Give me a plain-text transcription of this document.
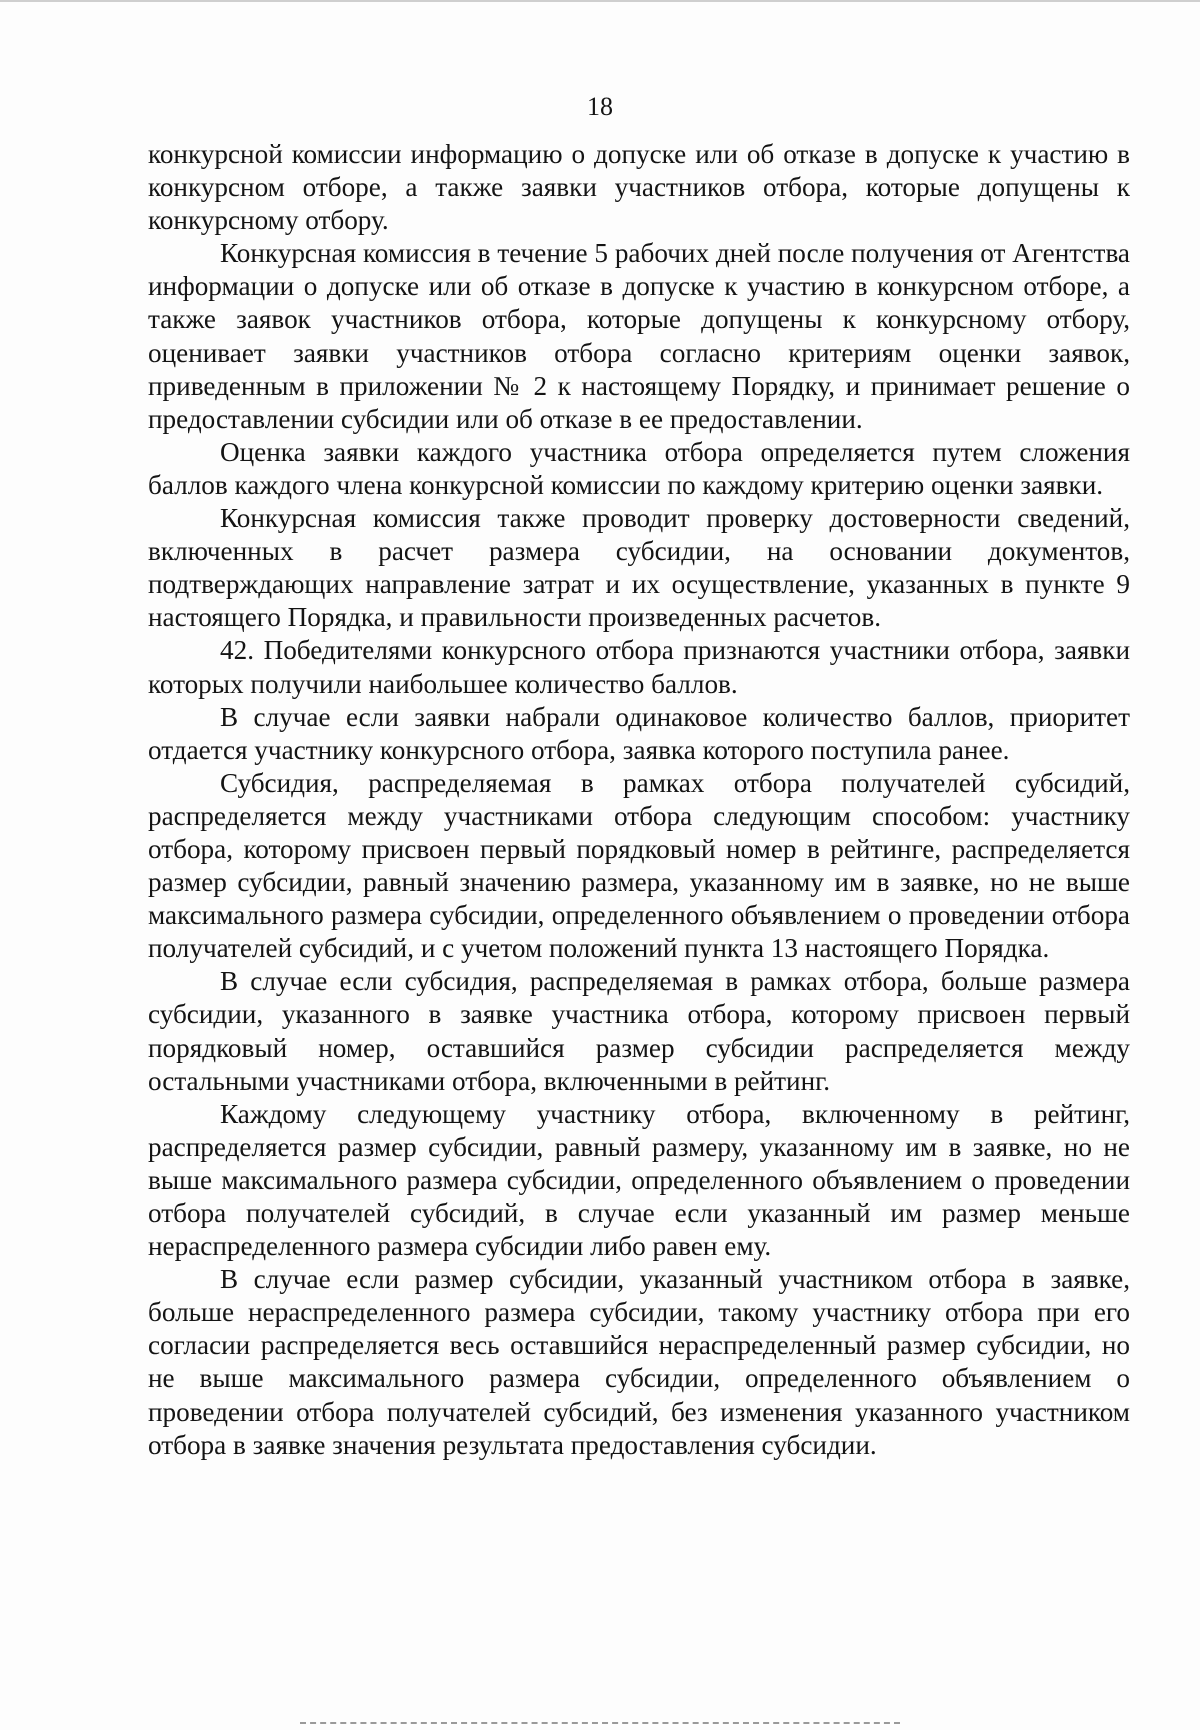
18

конкурсной комиссии информацию о допуске или об отказе в допуске к участию в конкурсном отборе, а также заявки участников отбора, которые допущены к конкурсному отбору.

Конкурсная комиссия в течение 5 рабочих дней после получения от Агентства информации о допуске или об отказе в допуске к участию в конкурсном отборе, а также заявок участников отбора, которые допущены к конкурсному отбору, оценивает заявки участников отбора согласно критериям оценки заявок, приведенным в приложении № 2 к настоящему Порядку, и принимает решение о предоставлении субсидии или об отказе в ее предоставлении.

Оценка заявки каждого участника отбора определяется путем сложения баллов каждого члена конкурсной комиссии по каждому критерию оценки заявки.

Конкурсная комиссия также проводит проверку достоверности сведений, включенных в расчет размера субсидии, на основании документов, подтверждающих направление затрат и их осуществление, указанных в пункте 9 настоящего Порядка, и правильности произведенных расчетов.

42. Победителями конкурсного отбора признаются участники отбора, заявки которых получили наибольшее количество баллов.

В случае если заявки набрали одинаковое количество баллов, приоритет отдается участнику конкурсного отбора, заявка которого поступила ранее.

Субсидия, распределяемая в рамках отбора получателей субсидий, распределяется между участниками отбора следующим способом: участнику отбора, которому присвоен первый порядковый номер в рейтинге, распределяется размер субсидии, равный значению размера, указанному им в заявке, но не выше максимального размера субсидии, определенного объявлением о проведении отбора получателей субсидий, и с учетом положений пункта 13 настоящего Порядка.

В случае если субсидия, распределяемая в рамках отбора, больше размера субсидии, указанного в заявке участника отбора, которому присвоен первый порядковый номер, оставшийся размер субсидии распределяется между остальными участниками отбора, включенными в рейтинг.

Каждому следующему участнику отбора, включенному в рейтинг, распределяется размер субсидии, равный размеру, указанному им в заявке, но не выше максимального размера субсидии, определенного объявлением о проведении отбора получателей субсидий, в случае если указанный им размер меньше нераспределенного размера субсидии либо равен ему.

В случае если размер субсидии, указанный участником отбора в заявке, больше нераспределенного размера субсидии, такому участнику отбора при его согласии распределяется весь оставшийся нераспределенный размер субсидии, но не выше максимального размера субсидии, определенного объявлением о проведении отбора получателей субсидий, без изменения указанного участником отбора в заявке значения результата предоставления субсидии.
